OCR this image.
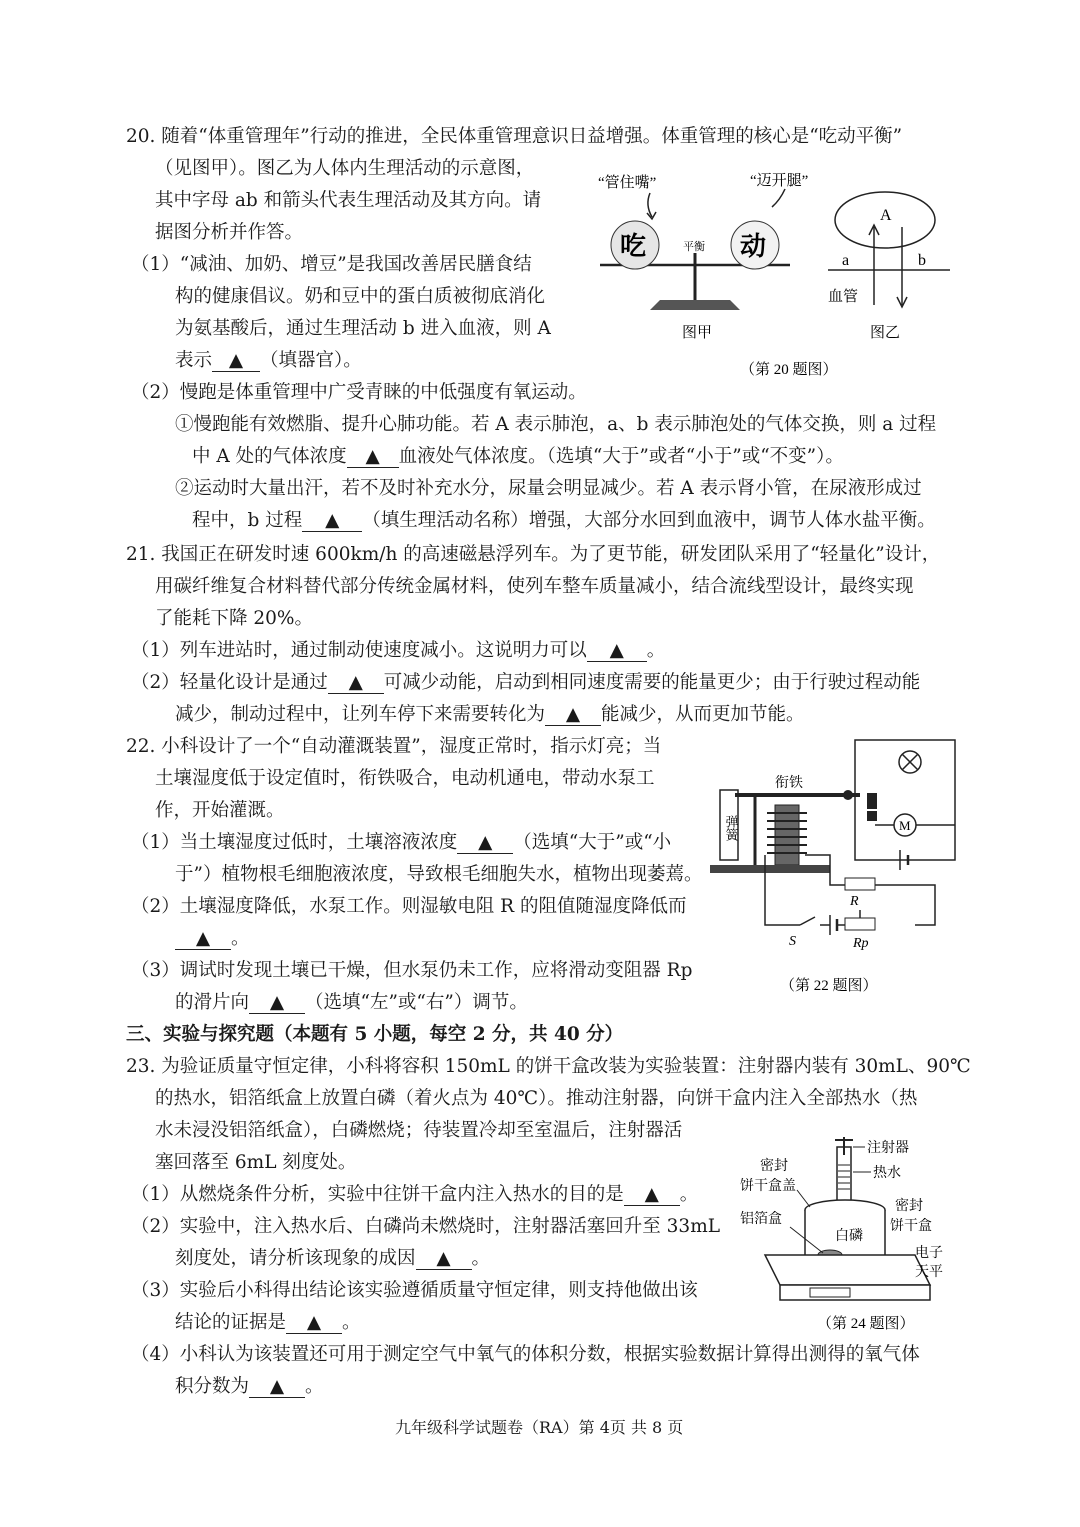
20. 随着“体重管理年”行动的推进，全民体重管理意识日益增强。体重管理的核心是“吃动平衡”
（见图甲）。图乙为人体内生理活动的示意图，
其中字母 ab 和箭头代表生理活动及其方向。请
据图分析并作答。
（1）“减油、加奶、增豆”是我国改善居民膳食结
构的健康倡议。奶和豆中的蛋白质被彻底消化
为氨基酸后，通过生理活动 b 进入血液，则 A
表示 ▲ （填器官）。
（2）慢跑是体重管理中广受青睐的中低强度有氧运动。
①慢跑能有效燃脂、提升心肺功能。若 A 表示肺泡，a、b 表示肺泡处的气体交换，则 a 过程
中 A 处的气体浓度 ▲ 血液处气体浓度。（选填“大于”或者“小于”或“不变”）。
②运动时大量出汗，若不及时补充水分，尿量会明显减少。若 A 表示肾小管，在尿液形成过
程中，b 过程 ▲ （填生理活动名称）增强，大部分水回到血液中，调节人体水盐平衡。
“管住嘴”	“迈开腿”
吃	动
平衡
图甲
A
a	b
血管
图乙
（第 20 题图）
21. 我国正在研发时速 600km/h 的高速磁悬浮列车。为了更节能，研发团队采用了“轻量化”设计，
用碳纤维复合材料替代部分传统金属材料，使列车整车质量减小，结合流线型设计，最终实现
了能耗下降 20%。
（1）列车进站时，通过制动使速度减小。这说明力可以 ▲ 。
（2）轻量化设计是通过 ▲ 可减少动能，启动到相同速度需要的能量更少；由于行驶过程动能
减少，制动过程中，让列车停下来需要转化为 ▲ 能减少，从而更加节能。
22. 小科设计了一个“自动灌溉装置”，湿度正常时，指示灯亮；当
土壤湿度低于设定值时，衔铁吸合，电动机通电，带动水泵工
作，开始灌溉。
（1）当土壤湿度过低时，土壤溶液浓度 ▲ （选填“大于”或“小
于”）植物根毛细胞液浓度，导致根毛细胞失水，植物出现萎蔫。
（2）土壤湿度降低，水泵工作。则湿敏电阻 R 的阻值随湿度降低而
▲ 。
（3）调试时发现土壤已干燥，但水泵仍未工作，应将滑动变阻器 Rp
的滑片向 ▲ （选填“左”或“右”）调节。
M
衔铁
弹簧
R
S	Rp
（第 22 题图）
三、实验与探究题（本题有 5 小题，每空 2 分，共 40 分）
23. 为验证质量守恒定律，小科将容积 150mL 的饼干盒改装为实验装置：注射器内装有 30mL、90℃
的热水，铝箔纸盒上放置白磷（着火点为 40℃）。推动注射器，向饼干盒内注入全部热水（热
水未浸没铝箔纸盒），白磷燃烧；待装置冷却至室温后，注射器活
塞回落至 6mL 刻度处。
（1）从燃烧条件分析，实验中往饼干盒内注入热水的目的是 ▲ 。
（2）实验中，注入热水后、白磷尚未燃烧时，注射器活塞回升至 33mL
刻度处，请分析该现象的成因 ▲ 。
（3）实验后小科得出结论该实验遵循质量守恒定律，则支持他做出该
结论的证据是 ▲ 。
（4）小科认为该装置还可用于测定空气中氧气的体积分数，根据实验数据计算得出测得的氧气体
积分数为 ▲ 。
注射器
热水
白磷
密封
饼干盒盖
密封
饼干盒
铝箔盒
电子
天平
（第 24 题图）
九年级科学试题卷（RA）第 4页 共 8 页
